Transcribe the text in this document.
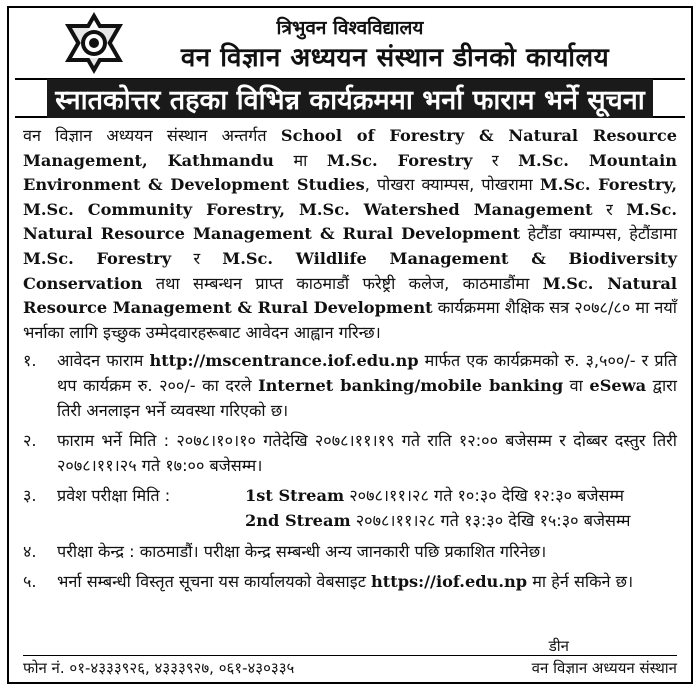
त्रिभुवन विश्वविद्यालय
वन विज्ञान अध्ययन संस्थान डीनको कार्यालय
स्नातकोत्तर तहका विभिन्न कार्यक्रममा भर्ना फाराम भर्ने सूचना

वन विज्ञान अध्ययन संस्थान अन्तर्गत School of Forestry & Natural Resource Management, Kathmandu मा M.Sc. Forestry र M.Sc. Mountain Environment & Development Studies, पोखरा क्याम्पस, पोखरामा M.Sc. Forestry, M.Sc. Community Forestry, M.Sc. Watershed Management र M.Sc. Natural Resource Management & Rural Development हेटौंडा क्याम्पस, हेटौंडामा M.Sc. Forestry र M.Sc. Wildlife Management & Biodiversity Conservation तथा सम्बन्धन प्राप्त काठमाडौं फरेष्ट्री कलेज, काठमाडौंमा M.Sc. Natural Resource Management & Rural Development कार्यक्रममा शैक्षिक सत्र २०७८/८० मा नयाँ भर्नाका लागि इच्छुक उम्मेदवारहरूबाट आवेदन आह्वान गरिन्छ।

१.	आवेदन फाराम http://mscentrance.iof.edu.np मार्फत एक कार्यक्रमको रु. ३,५००/- र प्रति थप कार्यक्रम रु. २००/- का दरले Internet banking/mobile banking वा eSewa द्वारा तिरी अनलाइन भर्ने व्यवस्था गरिएको छ।
२.	फाराम भर्ने मिति : २०७८।१०।१० गतेदेखि २०७८।११।१९ गते राति १२:०० बजेसम्म र दोब्बर दस्तुर तिरी २०७८।११।२५ गते १७:०० बजेसम्म।
३.	प्रवेश परीक्षा मिति :	1st Stream २०७८।११।२८ गते १०:३० देखि १२:३० बजेसम्म
2nd Stream २०७८।११।२८ गते १३:३० देखि १५:३० बजेसम्म
४.	परीक्षा केन्द्र : काठमाडौं। परीक्षा केन्द्र सम्बन्धी अन्य जानकारी पछि प्रकाशित गरिनेछ।
५.	भर्ना सम्बन्धी विस्तृत सूचना यस कार्यालयको वेबसाइट https://iof.edu.np मा हेर्न सकिने छ।
डीन
फोन नं. ०१-४३३३९२६, ४३३३९२७, ०६१-४३०३३५	वन विज्ञान अध्ययन संस्थान
